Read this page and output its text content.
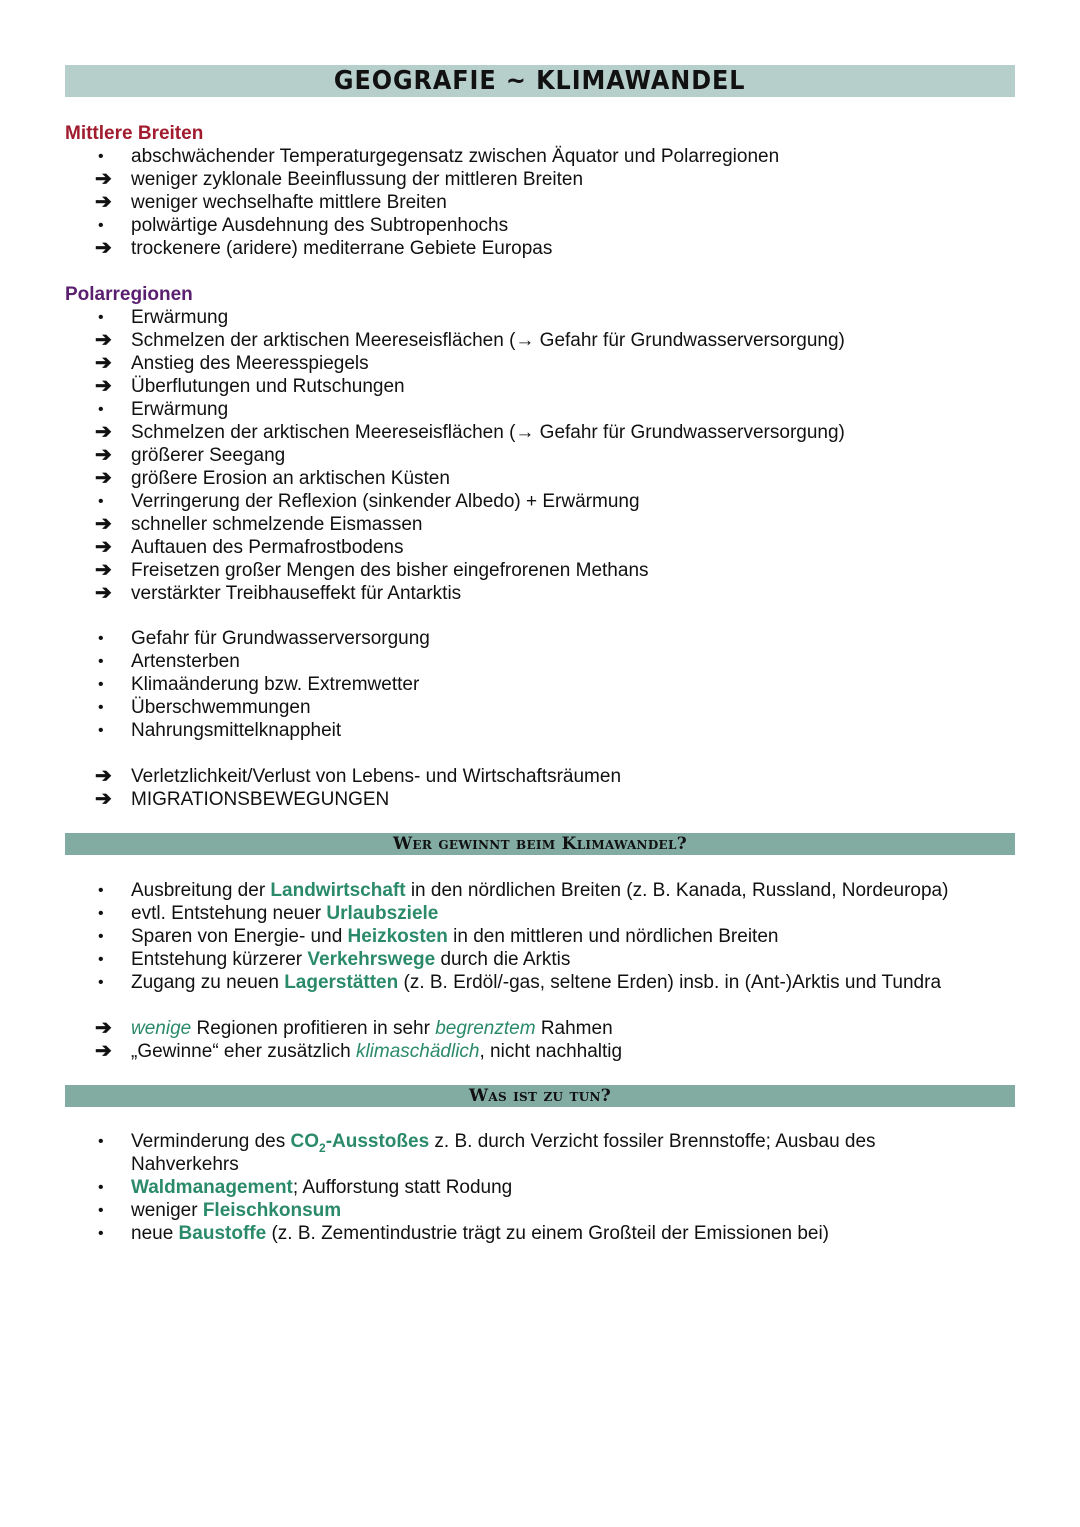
GEOGRAFIE ~ KLIMAWANDEL
Mittlere Breiten
•	abschwächender Temperaturgegensatz zwischen Äquator und Polarregionen
➔	weniger zyklonale Beeinflussung der mittleren Breiten
➔	weniger wechselhafte mittlere Breiten
•	polwärtige Ausdehnung des Subtropenhochs
➔	trockenere (aridere) mediterrane Gebiete Europas
Polarregionen
•	Erwärmung
➔	Schmelzen der arktischen Meereseisflächen (→ Gefahr für Grundwasserversorgung)
➔	Anstieg des Meeresspiegels
➔	Überflutungen und Rutschungen
•	Erwärmung
➔	Schmelzen der arktischen Meereseisflächen (→ Gefahr für Grundwasserversorgung)
➔	größerer Seegang
➔	größere Erosion an arktischen Küsten
•	Verringerung der Reflexion (sinkender Albedo) + Erwärmung
➔	schneller schmelzende Eismassen
➔	Auftauen des Permafrostbodens
➔	Freisetzen großer Mengen des bisher eingefrorenen Methans
➔	verstärkter Treibhauseffekt für Antarktis
•	Gefahr für Grundwasserversorgung
•	Artensterben
•	Klimaänderung bzw. Extremwetter
•	Überschwemmungen
•	Nahrungsmittelknappheit
➔	Verletzlichkeit/Verlust von Lebens- und Wirtschaftsräumen
➔	MIGRATIONSBEWEGUNGEN
Wer gewinnt beim Klimawandel?
•	Ausbreitung der Landwirtschaft in den nördlichen Breiten (z. B. Kanada, Russland, Nordeuropa)
•	evtl. Entstehung neuer Urlaubsziele
•	Sparen von Energie- und Heizkosten in den mittleren und nördlichen Breiten
•	Entstehung kürzerer Verkehrswege durch die Arktis
•	Zugang zu neuen Lagerstätten (z. B. Erdöl/-gas, seltene Erden) insb. in (Ant-)Arktis und Tundra
➔	wenige Regionen profitieren in sehr begrenztem Rahmen
➔	„Gewinne“ eher zusätzlich klimaschädlich, nicht nachhaltig
Was ist zu tun?
•	Verminderung des $CO_2$-Ausstoßes z. B. durch Verzicht fossiler Brennstoffe; Ausbau des Nahverkehrs
•	Waldmanagement; Aufforstung statt Rodung
•	weniger Fleischkonsum
•	neue Baustoffe (z. B. Zementindustrie trägt zu einem Großteil der Emissionen bei)
